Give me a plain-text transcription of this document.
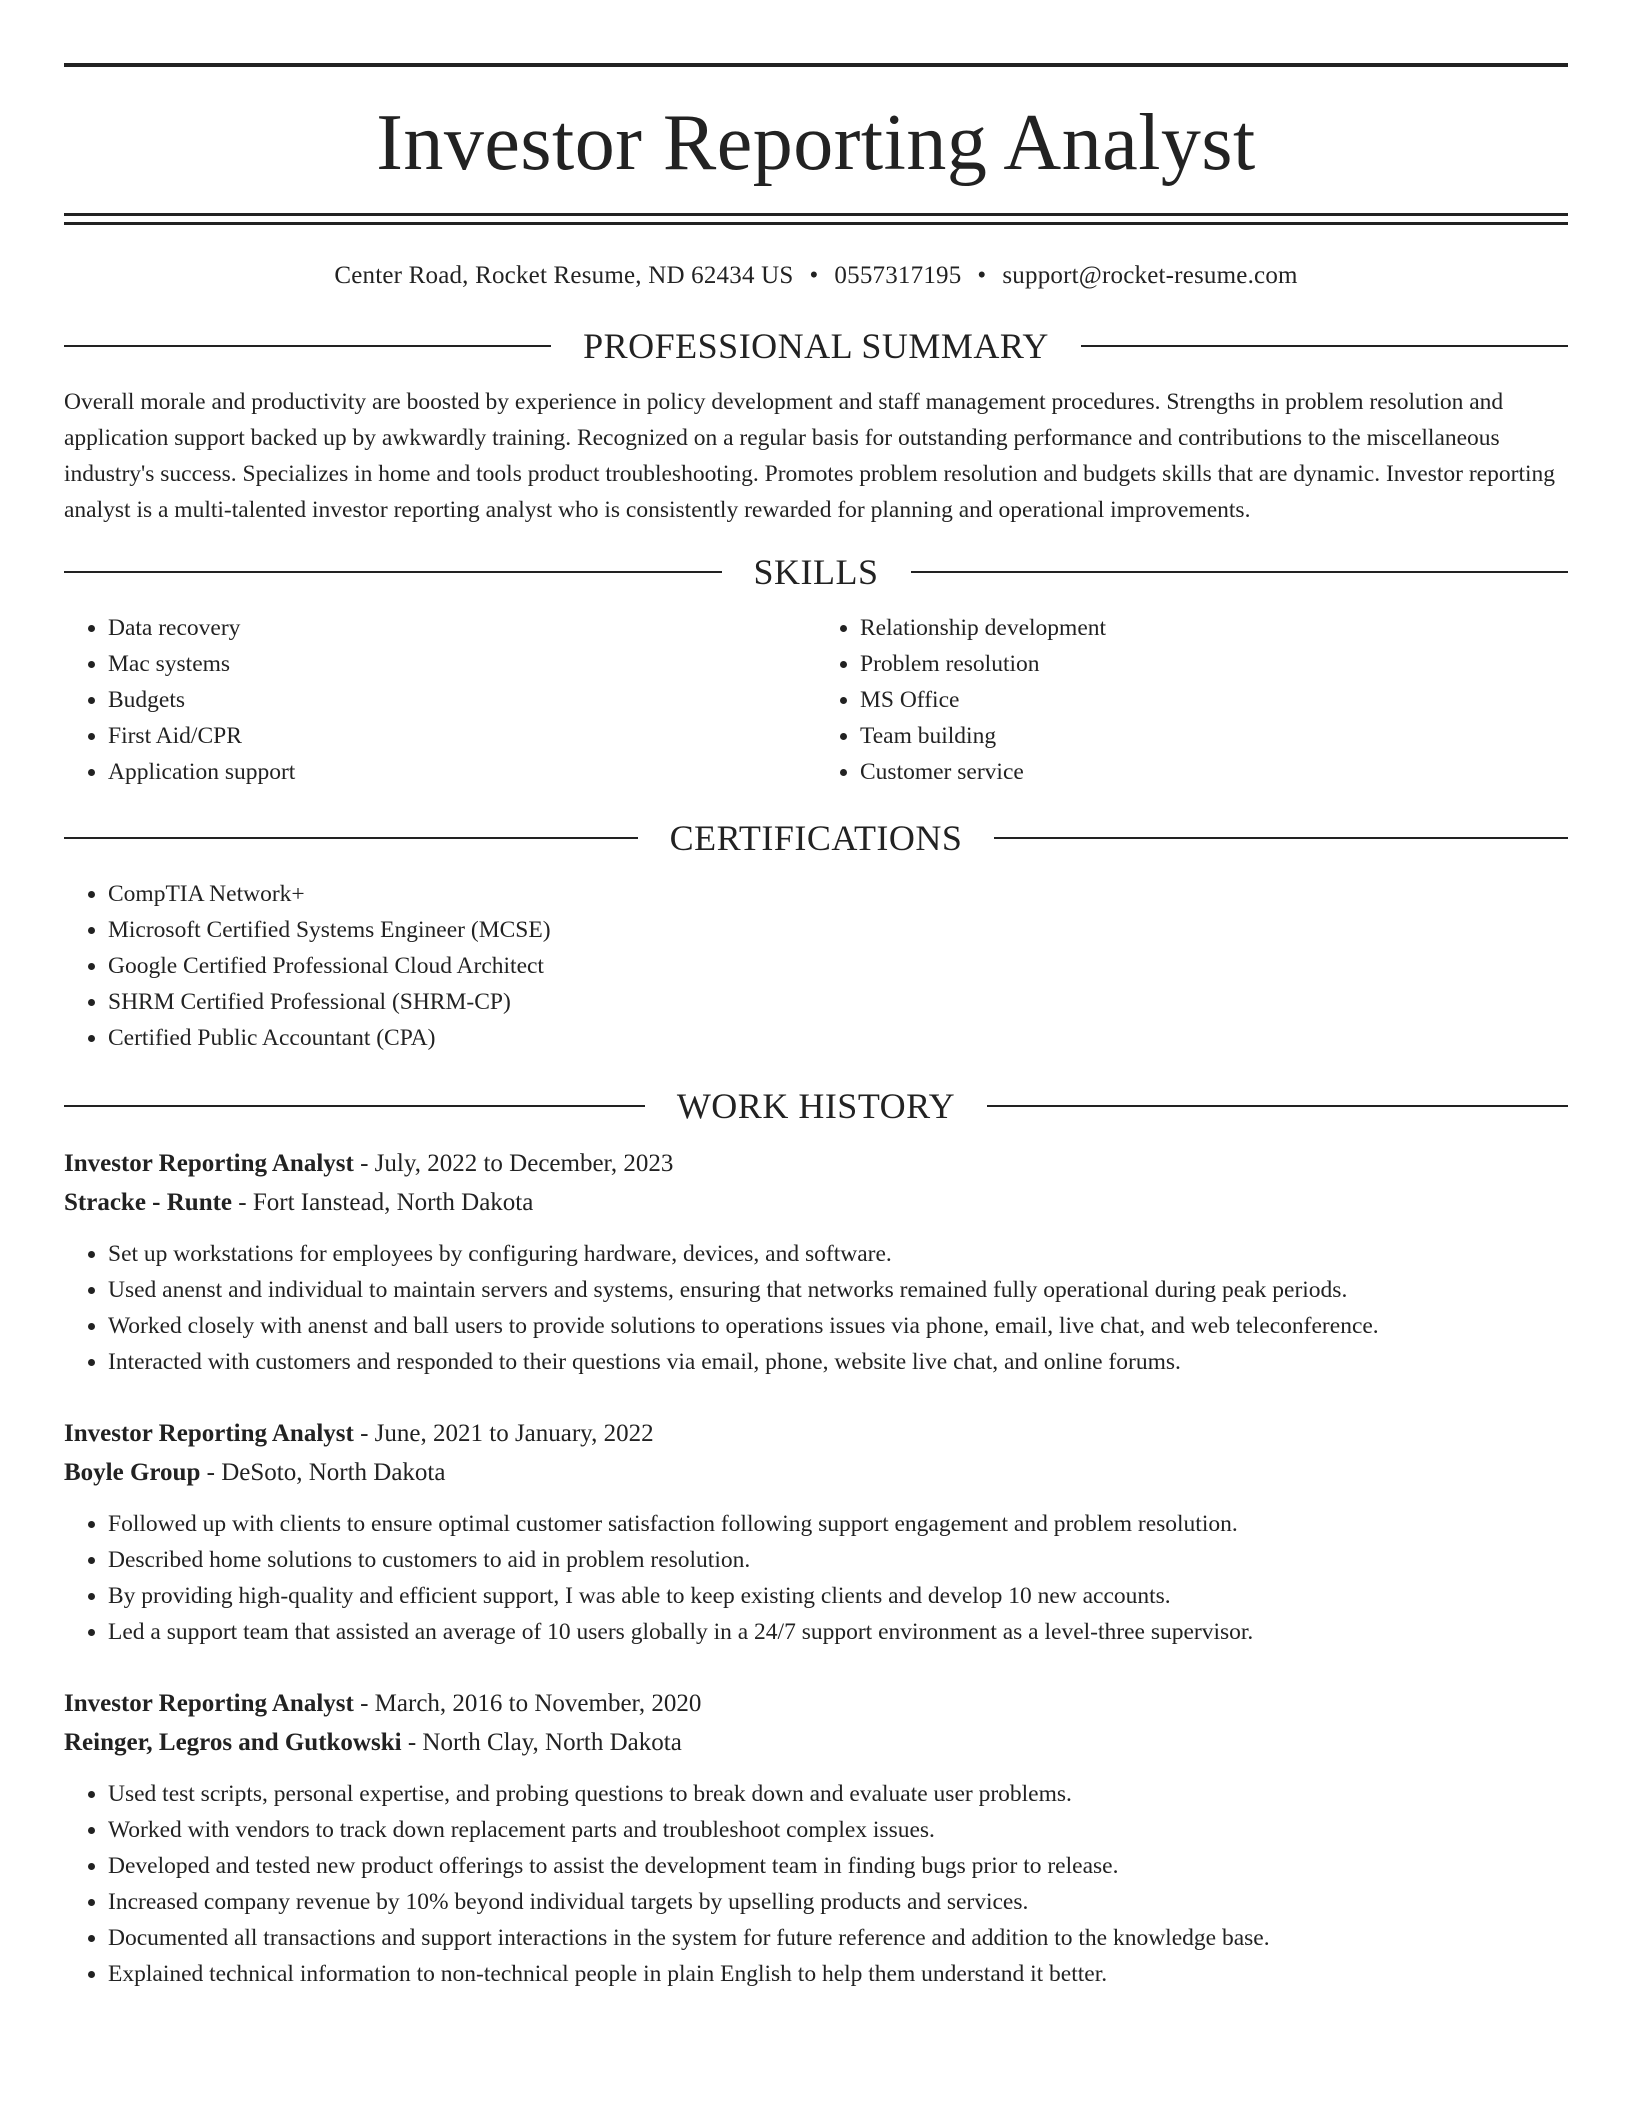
Investor Reporting Analyst
Center Road, Rocket Resume, ND 62434 US • 0557317195 • support@rocket-resume.com
PROFESSIONAL SUMMARY

Overall morale and productivity are boosted by experience in policy development and staff management procedures. Strengths in problem resolution and application support backed up by awkwardly training. Recognized on a regular basis for outstanding performance and contributions to the miscellaneous industry's success. Specializes in home and tools product troubleshooting. Promotes problem resolution and budgets skills that are dynamic. Investor reporting analyst is a multi-talented investor reporting analyst who is consistently rewarded for planning and operational improvements.

SKILLS
• Data recovery
• Mac systems
• Budgets
• First Aid/CPR
• Application support
• Relationship development
• Problem resolution
• MS Office
• Team building
• Customer service
CERTIFICATIONS
• CompTIA Network+
• Microsoft Certified Systems Engineer (MCSE)
• Google Certified Professional Cloud Architect
• SHRM Certified Professional (SHRM-CP)
• Certified Public Accountant (CPA)
WORK HISTORY
Investor Reporting Analyst - July, 2022 to December, 2023
Stracke - Runte - Fort Ianstead, North Dakota
• Set up workstations for employees by configuring hardware, devices, and software.
• Used anenst and individual to maintain servers and systems, ensuring that networks remained fully operational during peak periods.
• Worked closely with anenst and ball users to provide solutions to operations issues via phone, email, live chat, and web teleconference.
• Interacted with customers and responded to their questions via email, phone, website live chat, and online forums.
Investor Reporting Analyst - June, 2021 to January, 2022
Boyle Group - DeSoto, North Dakota
• Followed up with clients to ensure optimal customer satisfaction following support engagement and problem resolution.
• Described home solutions to customers to aid in problem resolution.
• By providing high-quality and efficient support, I was able to keep existing clients and develop 10 new accounts.
• Led a support team that assisted an average of 10 users globally in a 24/7 support environment as a level-three supervisor.
Investor Reporting Analyst - March, 2016 to November, 2020
Reinger, Legros and Gutkowski - North Clay, North Dakota
• Used test scripts, personal expertise, and probing questions to break down and evaluate user problems.
• Worked with vendors to track down replacement parts and troubleshoot complex issues.
• Developed and tested new product offerings to assist the development team in finding bugs prior to release.
• Increased company revenue by 10% beyond individual targets by upselling products and services.
• Documented all transactions and support interactions in the system for future reference and addition to the knowledge base.
• Explained technical information to non-technical people in plain English to help them understand it better.
